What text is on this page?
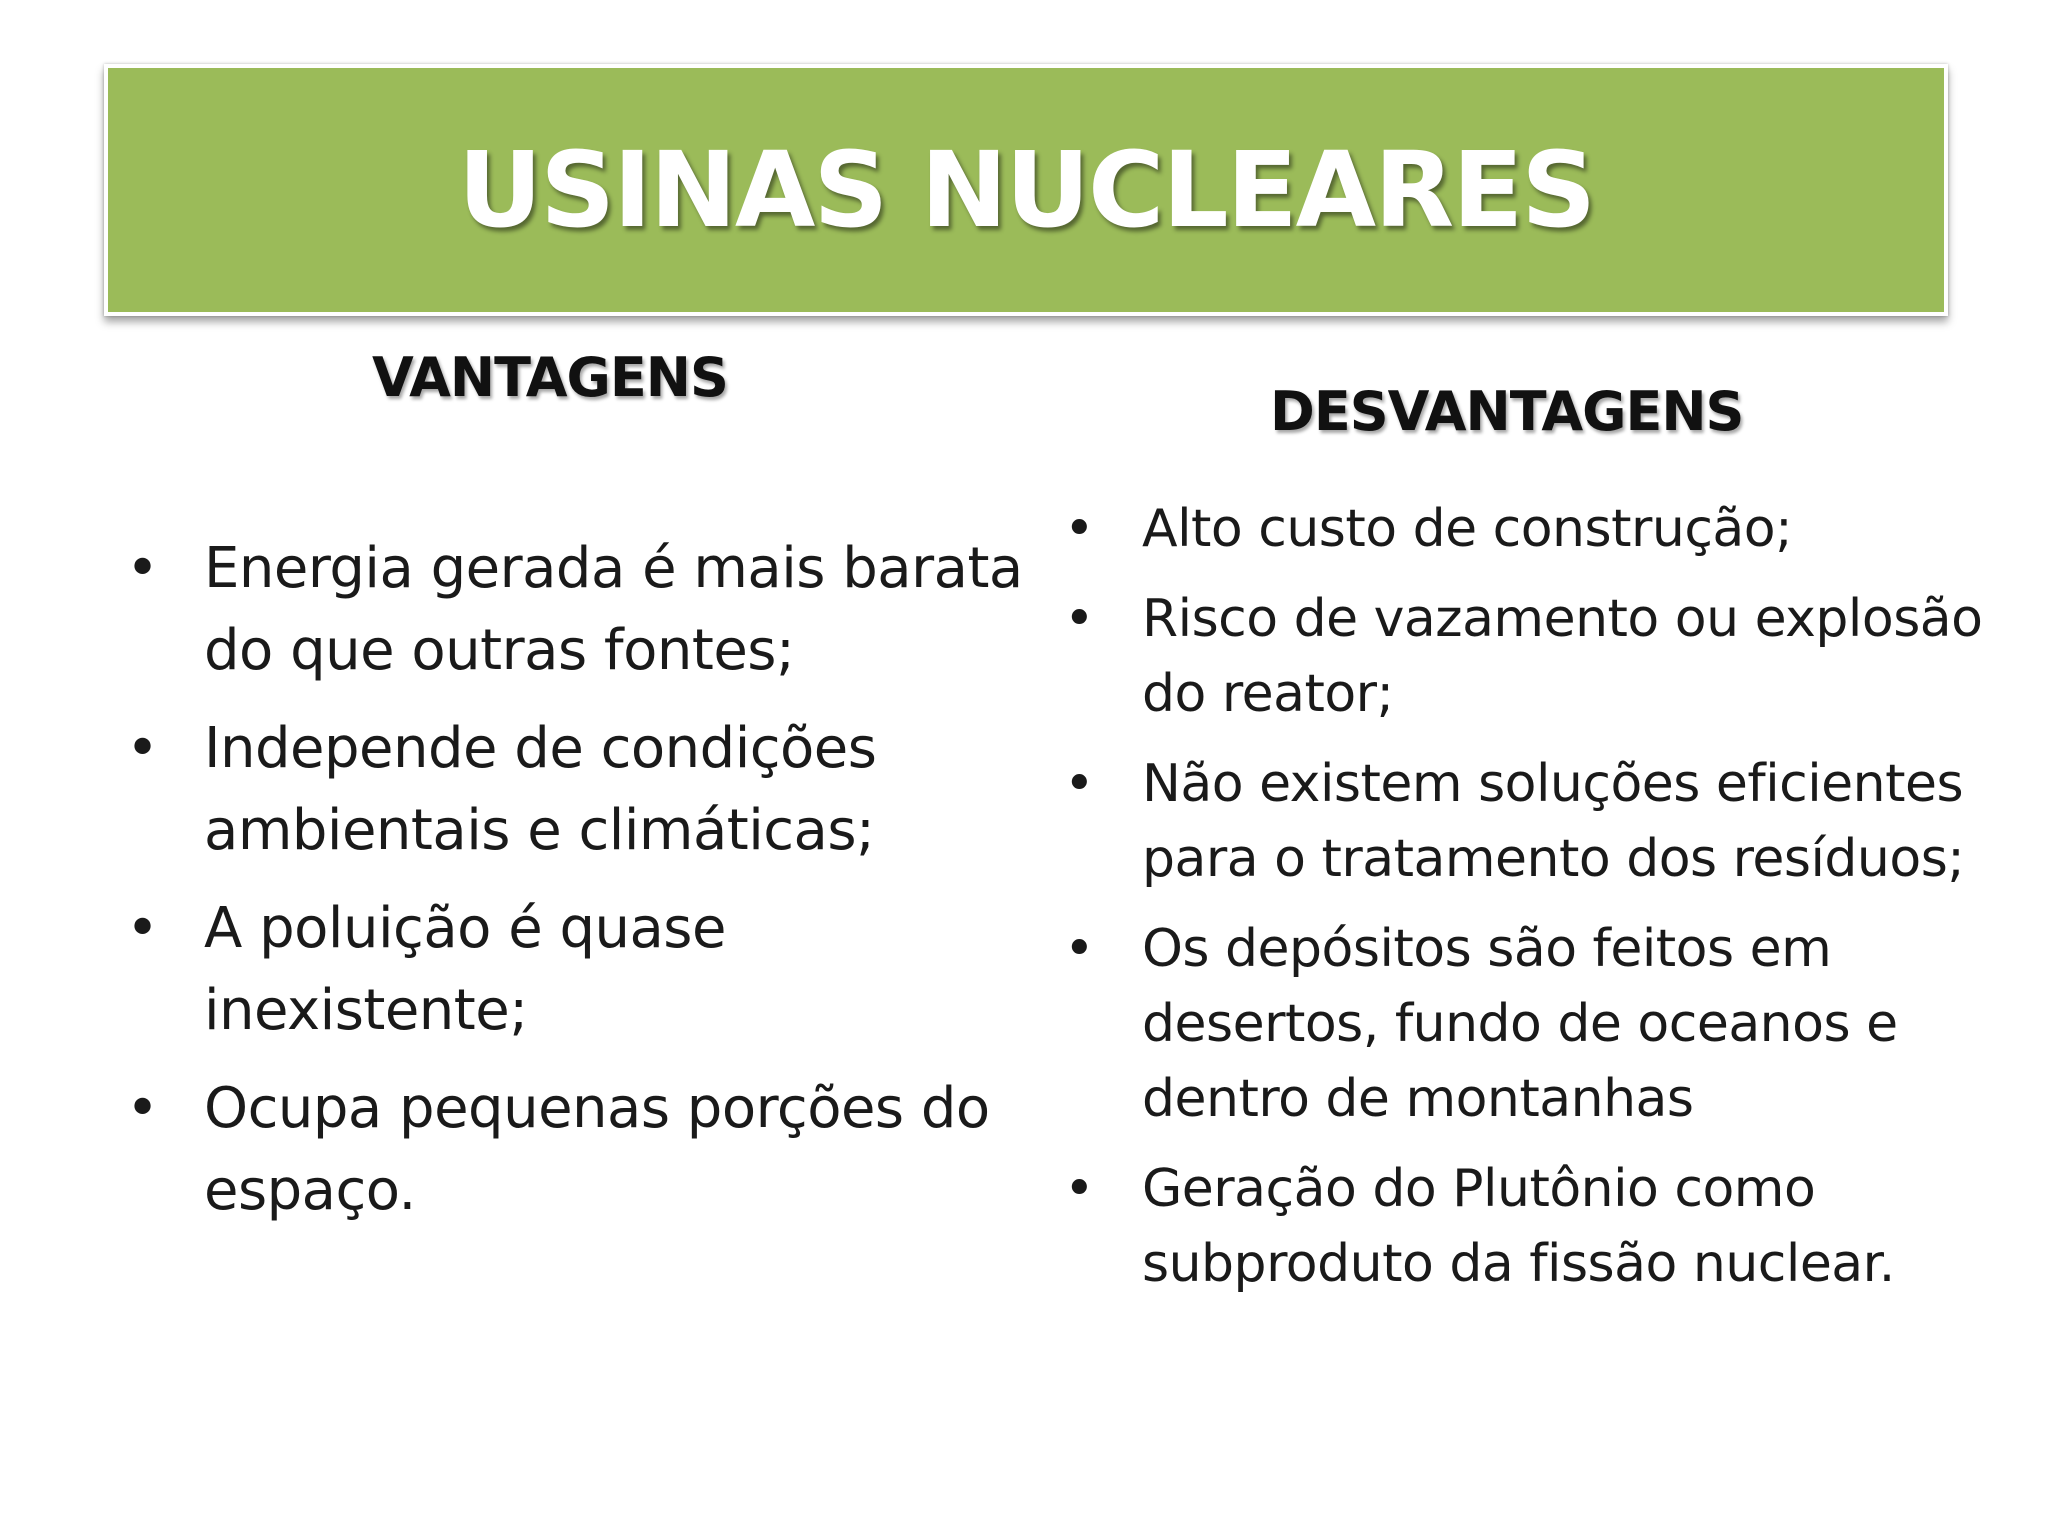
USINAS NUCLEARES
VANTAGENS
DESVANTAGENS
• Energia gerada é mais barata do que outras fontes;
• Independe de condições ambientais e climáticas;
• A poluição é quase inexistente;
• Ocupa pequenas porções do espaço.
• Alto custo de construção;
• Risco de vazamento ou explosão do reator;
• Não existem soluções eficientes para o tratamento dos resíduos;
• Os depósitos são feitos em desertos, fundo de oceanos e dentro de montanhas
• Geração do Plutônio como subproduto da fissão nuclear.
